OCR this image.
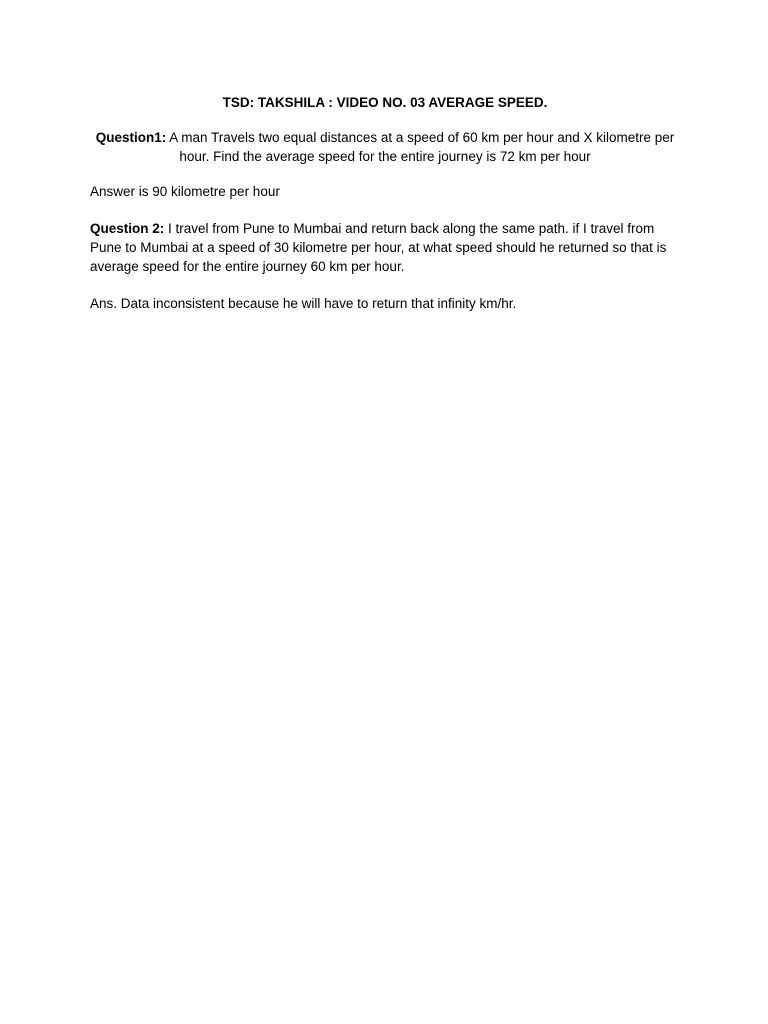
TSD: TAKSHILA : VIDEO NO. 03 AVERAGE SPEED.

Question1: A man Travels two equal distances at a speed of 60 km per hour and X kilometre per hour. Find the average speed for the entire journey is 72 km per hour

Answer is 90 kilometre per hour

Question 2: I travel from Pune to Mumbai and return back along the same path. if I travel from Pune to Mumbai at a speed of 30 kilometre per hour, at what speed should he returned so that is average speed for the entire journey 60 km per hour.

Ans. Data inconsistent because he will have to return that infinity km/hr.
